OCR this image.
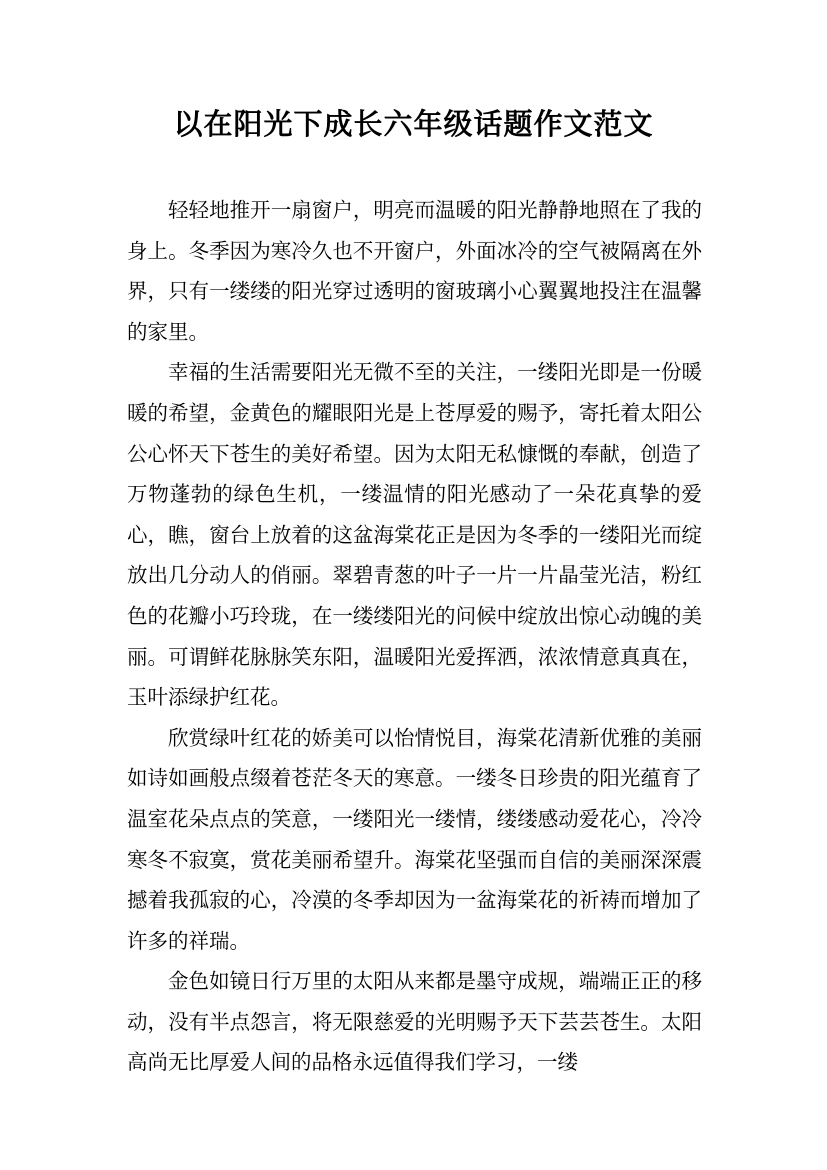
以在阳光下成长六年级话题作文范文

轻轻地推开一扇窗户，明亮而温暖的阳光静静地照在了我的身上。冬季因为寒冷久也不开窗户，外面冰冷的空气被隔离在外界，只有一缕缕的阳光穿过透明的窗玻璃小心翼翼地投注在温馨的家里。

幸福的生活需要阳光无微不至的关注，一缕阳光即是一份暖暖的希望，金黄色的耀眼阳光是上苍厚爱的赐予，寄托着太阳公公心怀天下苍生的美好希望。因为太阳无私慷慨的奉献，创造了万物蓬勃的绿色生机，一缕温情的阳光感动了一朵花真挚的爱心，瞧，窗台上放着的这盆海棠花正是因为冬季的一缕阳光而绽放出几分动人的俏丽。翠碧青葱的叶子一片一片晶莹光洁，粉红色的花瓣小巧玲珑，在一缕缕阳光的问候中绽放出惊心动魄的美丽。可谓鲜花脉脉笑东阳，温暖阳光爱挥洒，浓浓情意真真在，玉叶添绿护红花。

欣赏绿叶红花的娇美可以怡情悦目，海棠花清新优雅的美丽如诗如画般点缀着苍茫冬天的寒意。一缕冬日珍贵的阳光蕴育了温室花朵点点的笑意，一缕阳光一缕情，缕缕感动爱花心，冷冷寒冬不寂寞，赏花美丽希望升。海棠花坚强而自信的美丽深深震撼着我孤寂的心，冷漠的冬季却因为一盆海棠花的祈祷而增加了许多的祥瑞。

金色如镜日行万里的太阳从来都是墨守成规，端端正正的移动，没有半点怨言，将无限慈爱的光明赐予天下芸芸苍生。太阳高尚无比厚爱人间的品格永远值得我们学习，一缕
